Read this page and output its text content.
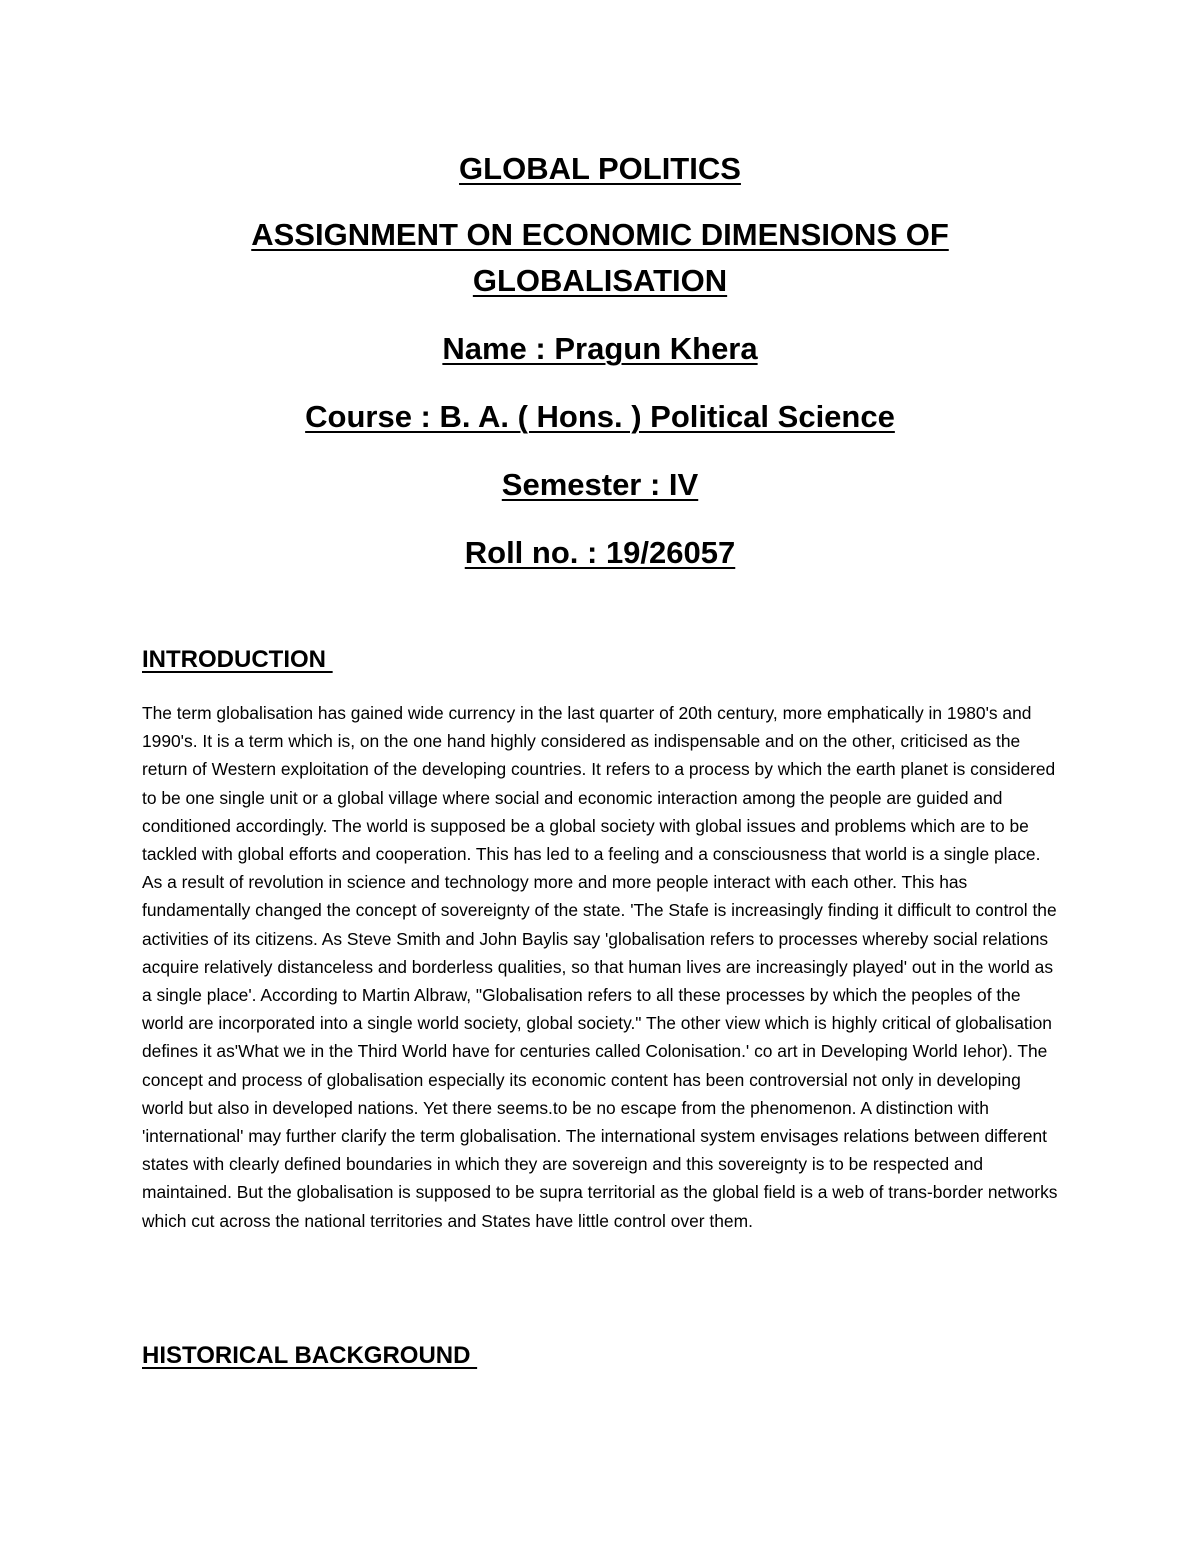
GLOBAL POLITICS

ASSIGNMENT ON ECONOMIC DIMENSIONS OF

GLOBALISATION

Name : Pragun Khera

Course : B. A. ( Hons. ) Political Science

Semester : IV

Roll no. : 19/26057

INTRODUCTION

The term globalisation has gained wide currency in the last quarter of 20th century, more emphatically in 1980's and 1990's. It is a term which is, on the one hand highly considered as indispensable and on the other, criticised as the return of Western exploitation of the developing countries. It refers to a process by which the earth planet is considered to be one single unit or a global village where social and economic interaction among the people are guided and conditioned accordingly. The world is supposed be a global society with global issues and problems which are to be tackled with global efforts and cooperation. This has led to a feeling and a consciousness that world is a single place. As a result of revolution in science and technology more and more people interact with each other. This has fundamentally changed the concept of sovereignty of the state. 'The Stafe is increasingly finding it difficult to control the activities of its citizens. As Steve Smith and John Baylis say 'globalisation refers to processes whereby social relations acquire relatively distanceless and borderless qualities, so that human lives are increasingly played' out in the world as a single place'. According to Martin Albraw, "Globalisation refers to all these processes by which the peoples of the world are incorporated into a single world society, global society." The other view which is highly critical of globalisation defines it as'What we in the Third World have for centuries called Colonisation.' co art in Developing World Iehor). The concept and process of globalisation especially its economic content has been controversial not only in developing world but also in developed nations. Yet there seems.to be no escape from the phenomenon. A distinction with 'international' may further clarify the term globalisation. The international system envisages relations between different states with clearly defined boundaries in which they are sovereign and this sovereignty is to be respected and maintained. But the globalisation is supposed to be supra territorial as the global field is a web of trans-border networks which cut across the national territories and States have little control over them.

HISTORICAL BACKGROUND
